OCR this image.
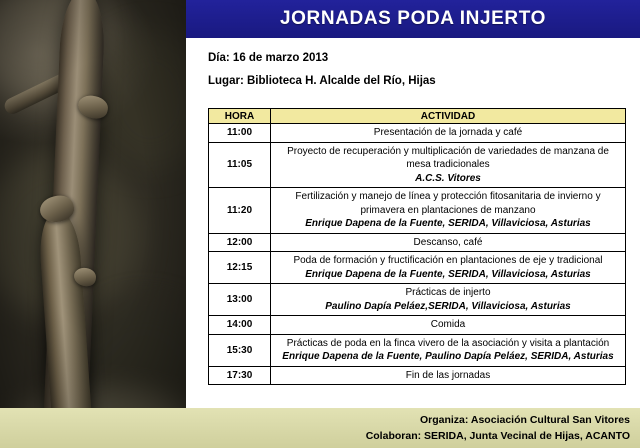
JORNADAS PODA INJERTO
Día: 16 de marzo 2013
Lugar: Biblioteca H. Alcalde del Río, Hijas
HORA	ACTIVIDAD
11:00	Presentación de la jornada y café

11:05	Proyecto de recuperación y multiplicación de variedades de manzana de mesa tradicionales
A.C.S. Vitores

11:20	Fertilización y manejo de línea y protección fitosanitaria de invierno y primavera en plantaciones de manzano
Enrique Dapena de la Fuente, SERIDA, Villaviciosa, Asturias

12:00	Descanso, café

12:15	Poda de formación y fructificación en plantaciones de eje y tradicional
Enrique Dapena de la Fuente, SERIDA, Villaviciosa, Asturias

13:00	Prácticas de injerto
Paulino Dapía Peláez,SERIDA, Villaviciosa, Asturias

14:00	Comida

15:30	Prácticas de poda en la finca vivero de la asociación y visita a plantación
Enrique Dapena de la Fuente, Paulino Dapía Peláez, SERIDA, Asturias

17:30	Fin de las jornadas
Organiza: Asociación Cultural San Vitores
Colaboran: SERIDA, Junta Vecinal de Hijas, ACANTO
